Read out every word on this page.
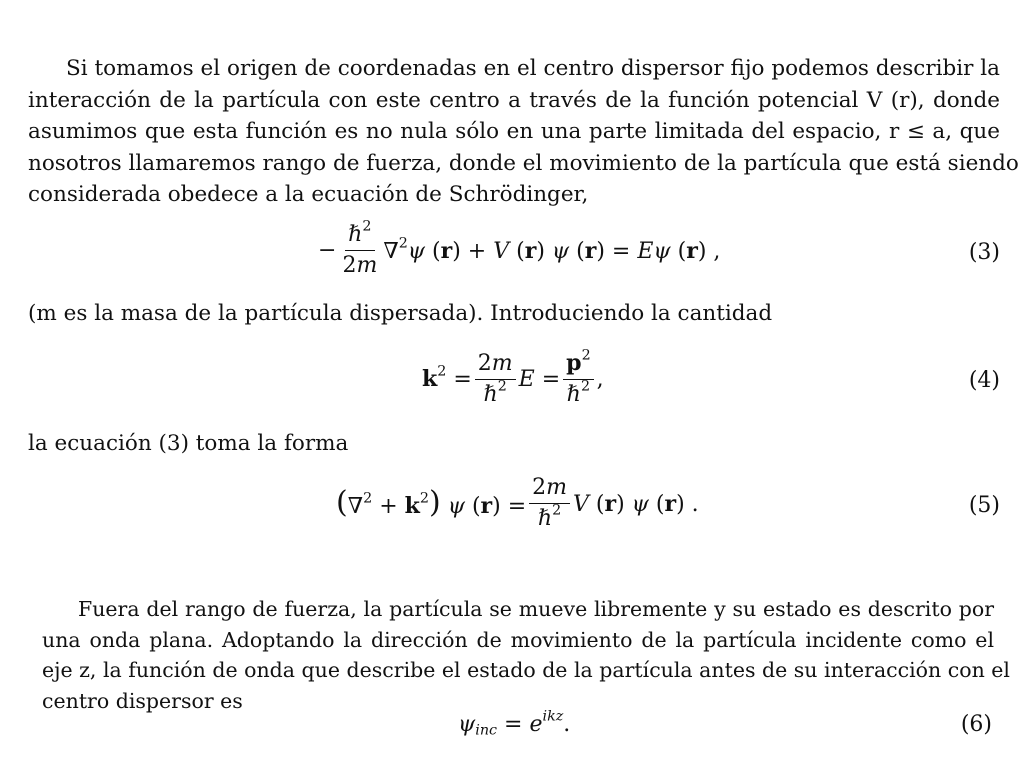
Si tomamos el origen de coordenadas en el centro dispersor fijo podemos describir la
interacción de la partícula con este centro a través de la función potencial V (r), donde
asumimos que esta función es no nula sólo en una parte limitada del espacio, r ≤ a, que
nosotros llamaremos rango de fuerza, donde el movimiento de la partícula que está siendo
considerada obedece a la ecuación de Schrödinger,
− $\frac{\hbar^2}{2m} \nabla^2\psi$ (r) + V (r) ψ (r) = Eψ (r) ,	(3)
(m es la masa de la partícula dispersada). Introduciendo la cantidad
$k^2 = \frac{2m}{\hbar^2}$ $E = \frac{p^2}{\hbar^2}$ ,	(4)
la ecuación (3) toma la forma
$(\nabla^2 + k^2)$ ψ $(r) = \frac{2m}{\hbar^2}$ V (r) ψ (r) .	(5)
Fuera del rango de fuerza, la partícula se mueve libremente y su estado es descrito por
una onda plana. Adoptando la dirección de movimiento de la partícula incidente como el
eje z, la función de onda que describe el estado de la partícula antes de su interacción con el
centro dispersor es
$\psi_{inc} = e^{ikz}$.	(6)
